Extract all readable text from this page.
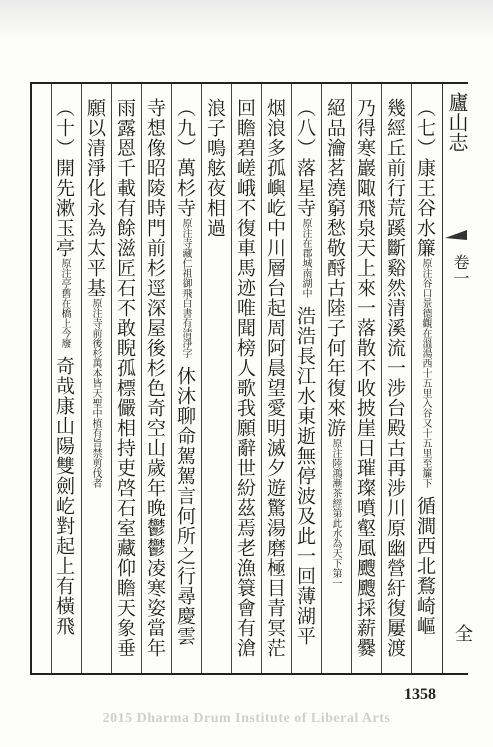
廬山志
卷一
全
（七）康王谷水簾原注谷口景德觀在溫湯西十五里入谷又十五里至簾下循澗西北鶩崎嶇
幾經丘前行荒蹊斷谿然清溪流一涉台殿古再涉川原幽營紆復屢渡
乃得寒巖陬飛泉天上來一落散不收披崖日璀璨噴壑風颼颼採薪爨
絕品瀹茗澆窮愁敬酹古陸子何年復來游原注陸鴻漸茶經第此水為天下第一
（八）落星寺原注在郡城南湖中浩浩長江水東逝無停波及此一回薄湖平
烟浪多孤嶼屹中川層台起周阿晨望愛明滅夕遊驚湯磨極目青冥茫
回瞻碧嵯峨不復車馬迹唯聞榜人歌我願辭世紛茲焉老漁簑會有滄
浪子鳴舷夜相過
（九）萬杉寺原注寺藏仁祖御飛白書有清淨字休沐聊命駕駕言何所之行尋慶雲
寺想像昭陵時門前杉逕深屋後杉色奇空山歲年晚鬱鬱凌寒姿當年
雨露恩千載有餘滋匠石不敢睨孤標儼相持吏啓石室藏仰瞻天象垂
願以清淨化永為太平基原注寺前後杉萬本皆天聖中植有旨禁剪伐者
（十）開先漱玉亭原注亭舊在橋上今廢奇哉康山陽雙劍屹對起上有橫飛
1358
2015 Dharma Drum Institute of Liberal Arts
